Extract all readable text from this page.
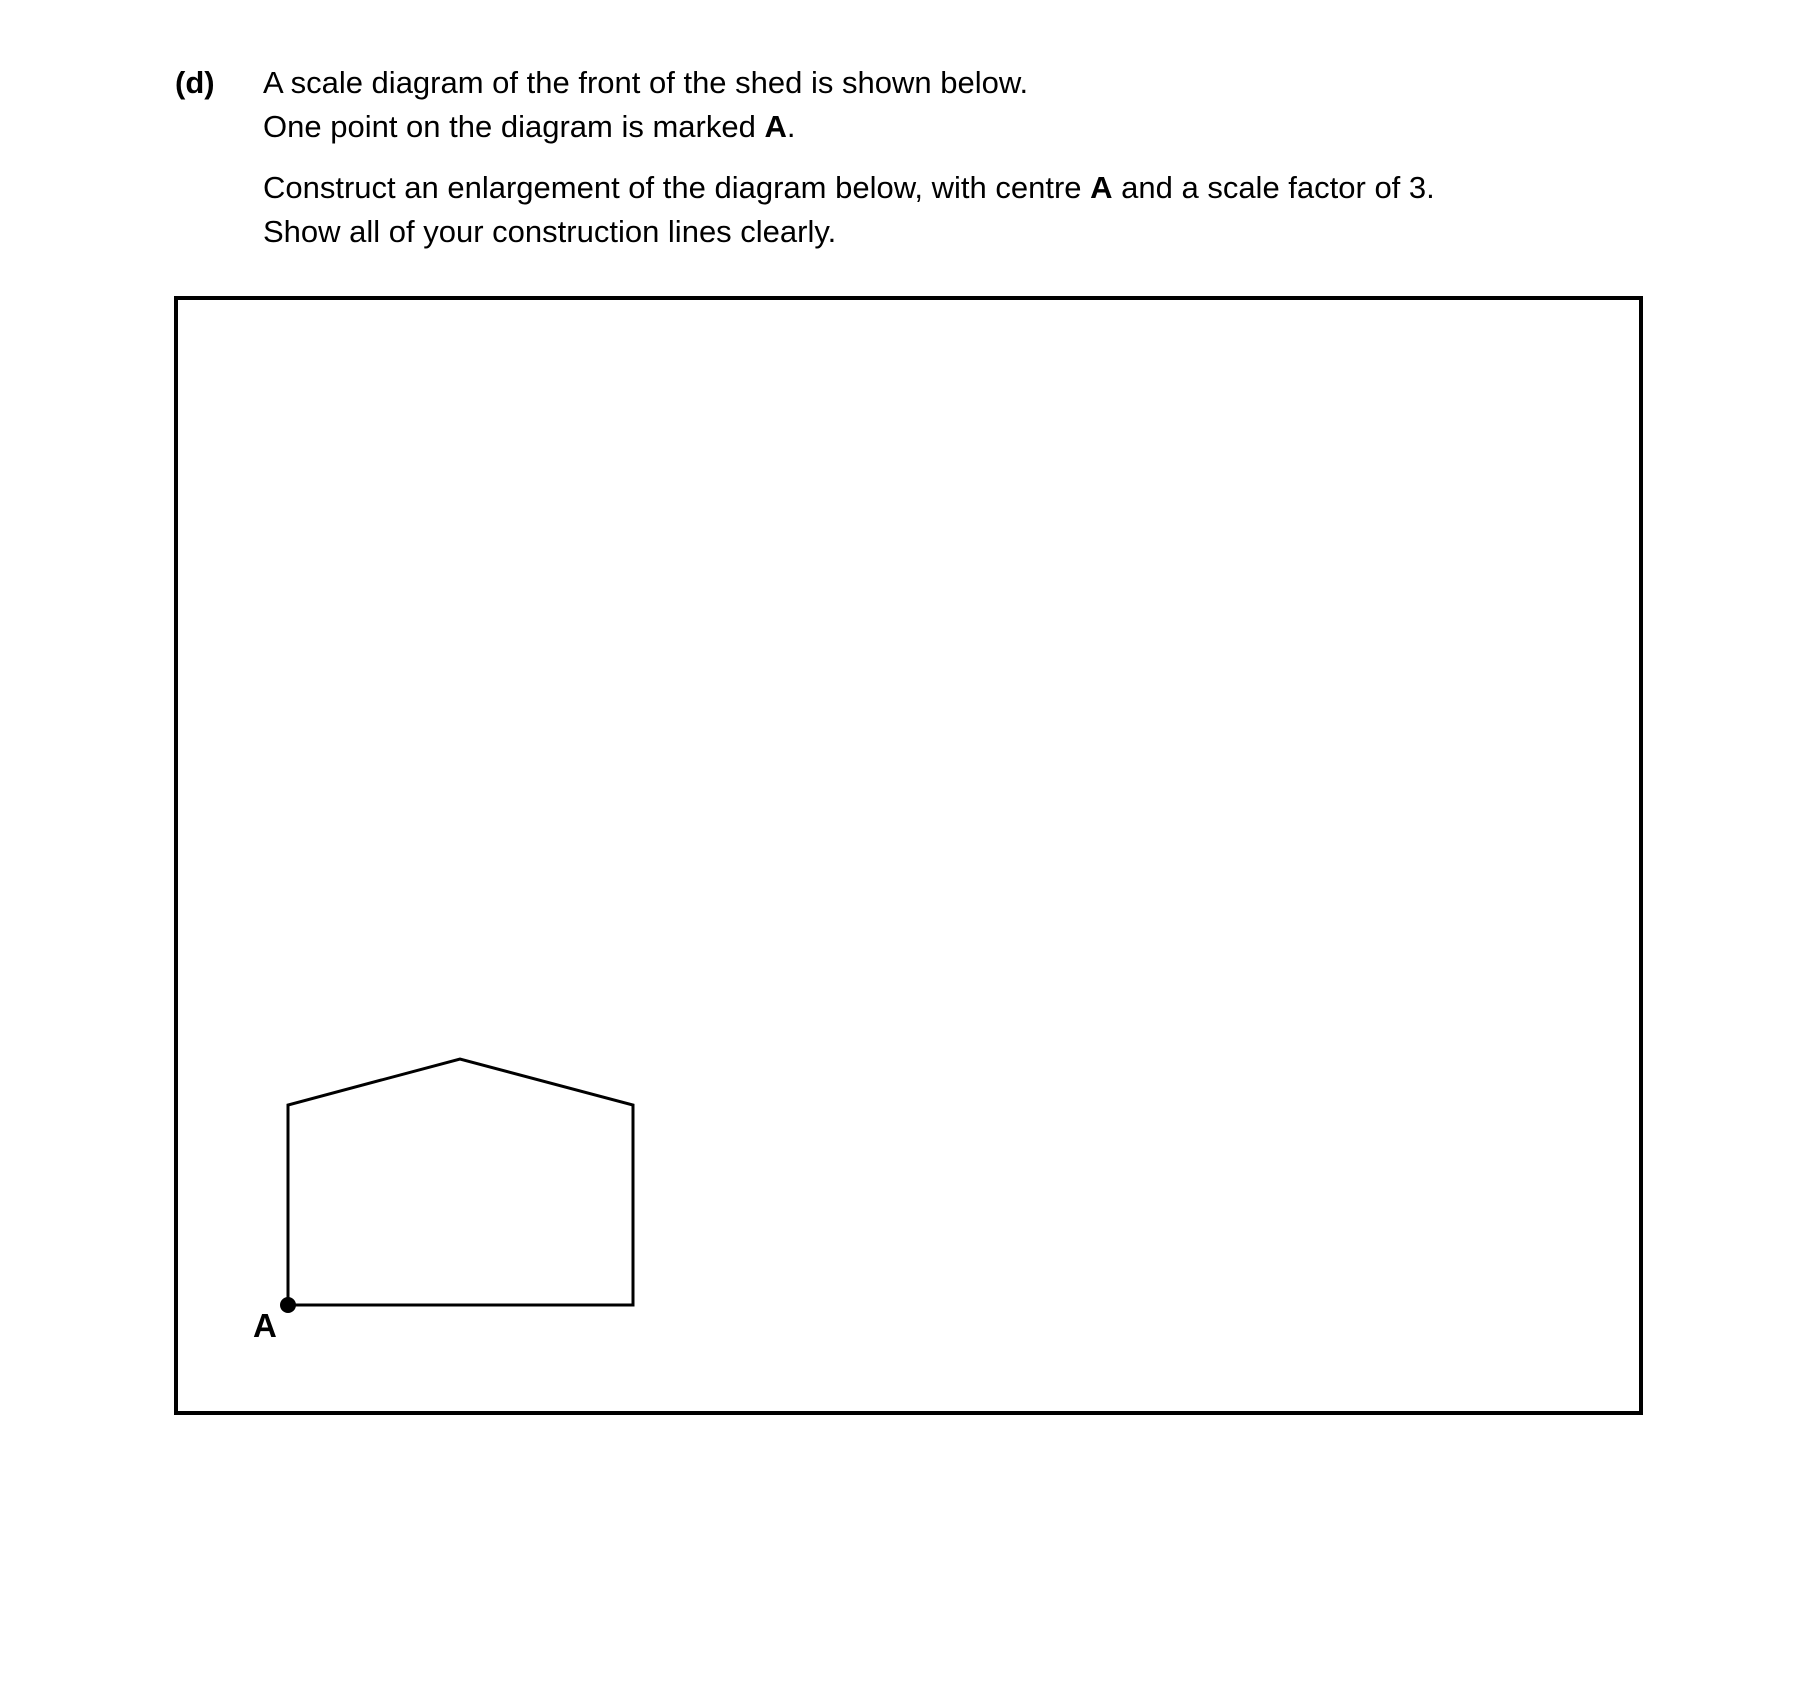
(d)	A scale diagram of the front of the shed is shown below.
One point on the diagram is marked A.

Construct an enlargement of the diagram below, with centre A and a scale factor of 3.
Show all of your construction lines clearly.

A
